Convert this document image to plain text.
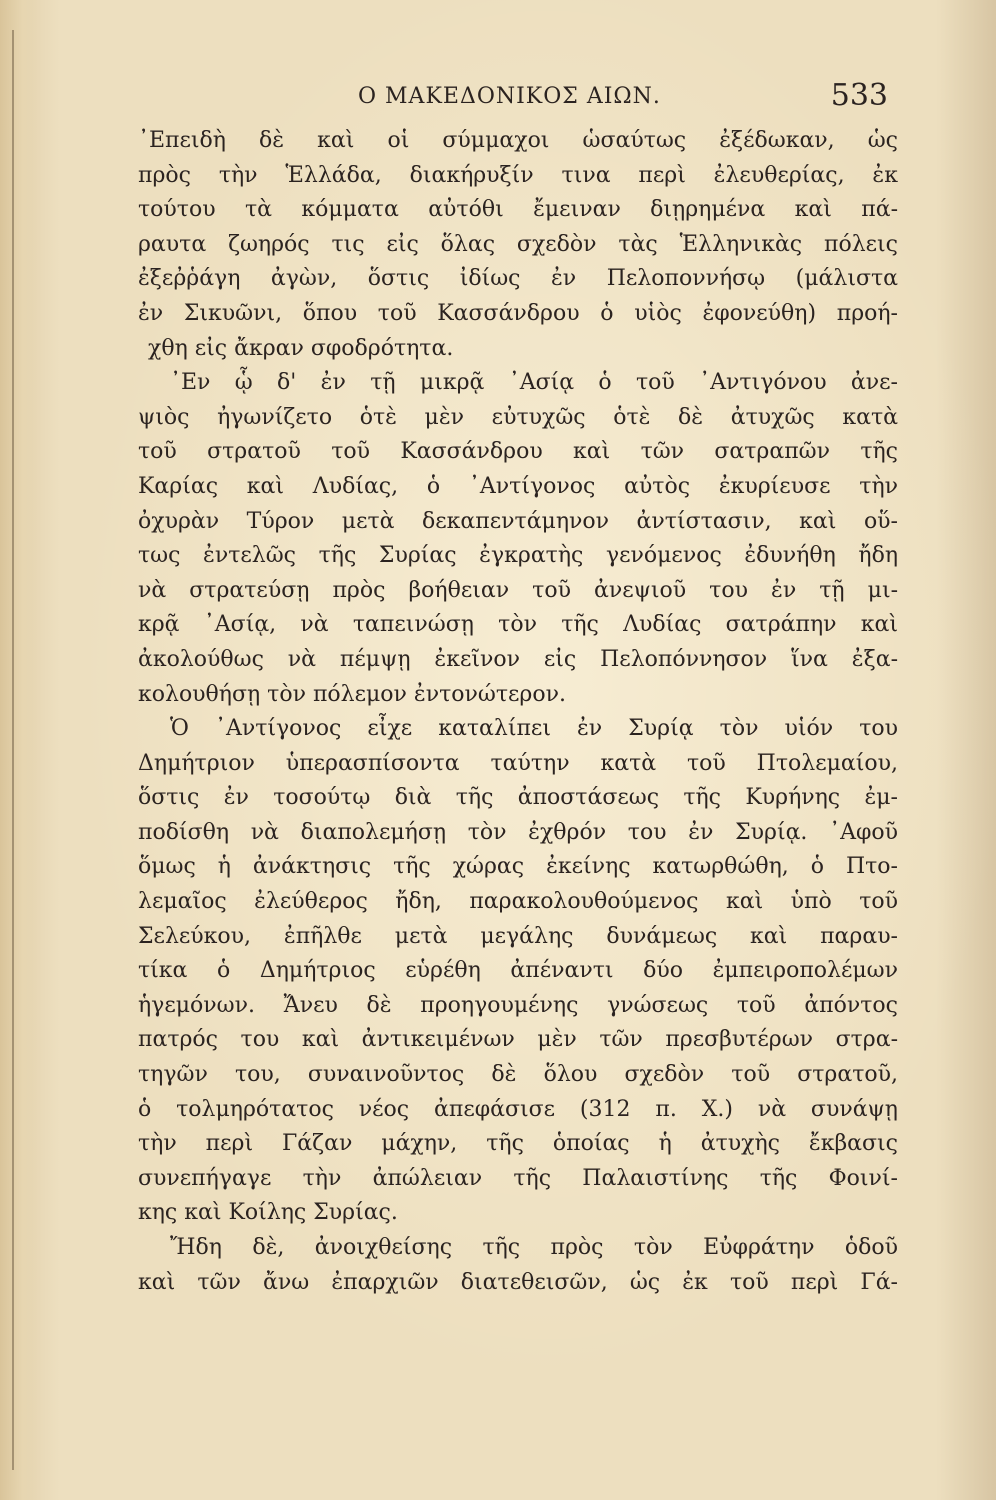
Ο ΜΑΚΕΔΟΝΙΚΟΣ ΑΙΩΝ.	533
᾿Επειδὴ δὲ καὶ οἱ σύμμαχοι ὡσαύτως ἐξέδωκαν, ὡς
πρὸς τὴν Ἑλλάδα, διακήρυξίν τινα περὶ ἐλευθερίας, ἐκ
τούτου τὰ κόμματα αὐτόθι ἔμειναν διῃρημένα καὶ πά-
ραυτα ζωηρός τις εἰς ὅλας σχεδὸν τὰς Ἑλληνικὰς πόλεις
ἐξεῤῥάγη ἀγὼν, ὅστις ἰδίως ἐν Πελοποννήσῳ (μάλιστα
ἐν Σικυῶνι, ὅπου τοῦ Κασσάνδρου ὁ υἱὸς ἐφονεύθη) προή-
χθη εἰς ἄκραν σφοδρότητα.
᾿Εν ᾧ δ' ἐν τῇ μικρᾷ ᾿Ασίᾳ ὁ τοῦ ᾿Αντιγόνου ἀνε-
ψιὸς ἠγωνίζετο ὁτὲ μὲν εὐτυχῶς ὁτὲ δὲ ἀτυχῶς κατὰ
τοῦ στρατοῦ τοῦ Κασσάνδρου καὶ τῶν σατραπῶν τῆς
Καρίας καὶ Λυδίας, ὁ ᾿Αντίγονος αὐτὸς ἐκυρίευσε τὴν
ὀχυρὰν Τύρον μετὰ δεκαπεντάμηνον ἀντίστασιν, καὶ οὕ-
τως ἐντελῶς τῆς Συρίας ἐγκρατὴς γενόμενος ἐδυνήθη ἤδη
νὰ στρατεύσῃ πρὸς βοήθειαν τοῦ ἀνεψιοῦ του ἐν τῇ μι-
κρᾷ ᾿Ασίᾳ, νὰ ταπεινώσῃ τὸν τῆς Λυδίας σατράπην καὶ
ἀκολούθως νὰ πέμψῃ ἐκεῖνον εἰς Πελοπόννησον ἵνα ἐξα-
κολουθήσῃ τὸν πόλεμον ἐντονώτερον.
Ὁ ᾿Αντίγονος εἶχε καταλίπει ἐν Συρίᾳ τὸν υἱόν του
Δημήτριον ὑπερασπίσοντα ταύτην κατὰ τοῦ Πτολεμαίου,
ὅστις ἐν τοσούτῳ διὰ τῆς ἀποστάσεως τῆς Κυρήνης ἐμ-
ποδίσθη νὰ διαπολεμήσῃ τὸν ἐχθρόν του ἐν Συρίᾳ. ᾿Αφοῦ
ὅμως ἡ ἀνάκτησις τῆς χώρας ἐκείνης κατωρθώθη, ὁ Πτο-
λεμαῖος ἐλεύθερος ἤδη, παρακολουθούμενος καὶ ὑπὸ τοῦ
Σελεύκου, ἐπῆλθε μετὰ μεγάλης δυνάμεως καὶ παραυ-
τίκα ὁ Δημήτριος εὑρέθη ἀπέναντι δύο ἐμπειροπολέμων
ἡγεμόνων. Ἄνευ δὲ προηγουμένης γνώσεως τοῦ ἀπόντος
πατρός του καὶ ἀντικειμένων μὲν τῶν πρεσβυτέρων στρα-
τηγῶν του, συναινοῦντος δὲ ὅλου σχεδὸν τοῦ στρατοῦ,
ὁ τολμηρότατος νέος ἀπεφάσισε (312 π. Χ.) νὰ συνάψῃ
τὴν περὶ Γάζαν μάχην, τῆς ὁποίας ἡ ἀτυχὴς ἔκβασις
συνεπήγαγε τὴν ἀπώλειαν τῆς Παλαιστίνης τῆς Φοινί-
κης καὶ Κοίλης Συρίας.
Ἤδη δὲ, ἀνοιχθείσης τῆς πρὸς τὸν Εὐφράτην ὁδοῦ
καὶ τῶν ἄνω ἐπαρχιῶν διατεθεισῶν, ὡς ἐκ τοῦ περὶ Γά-
